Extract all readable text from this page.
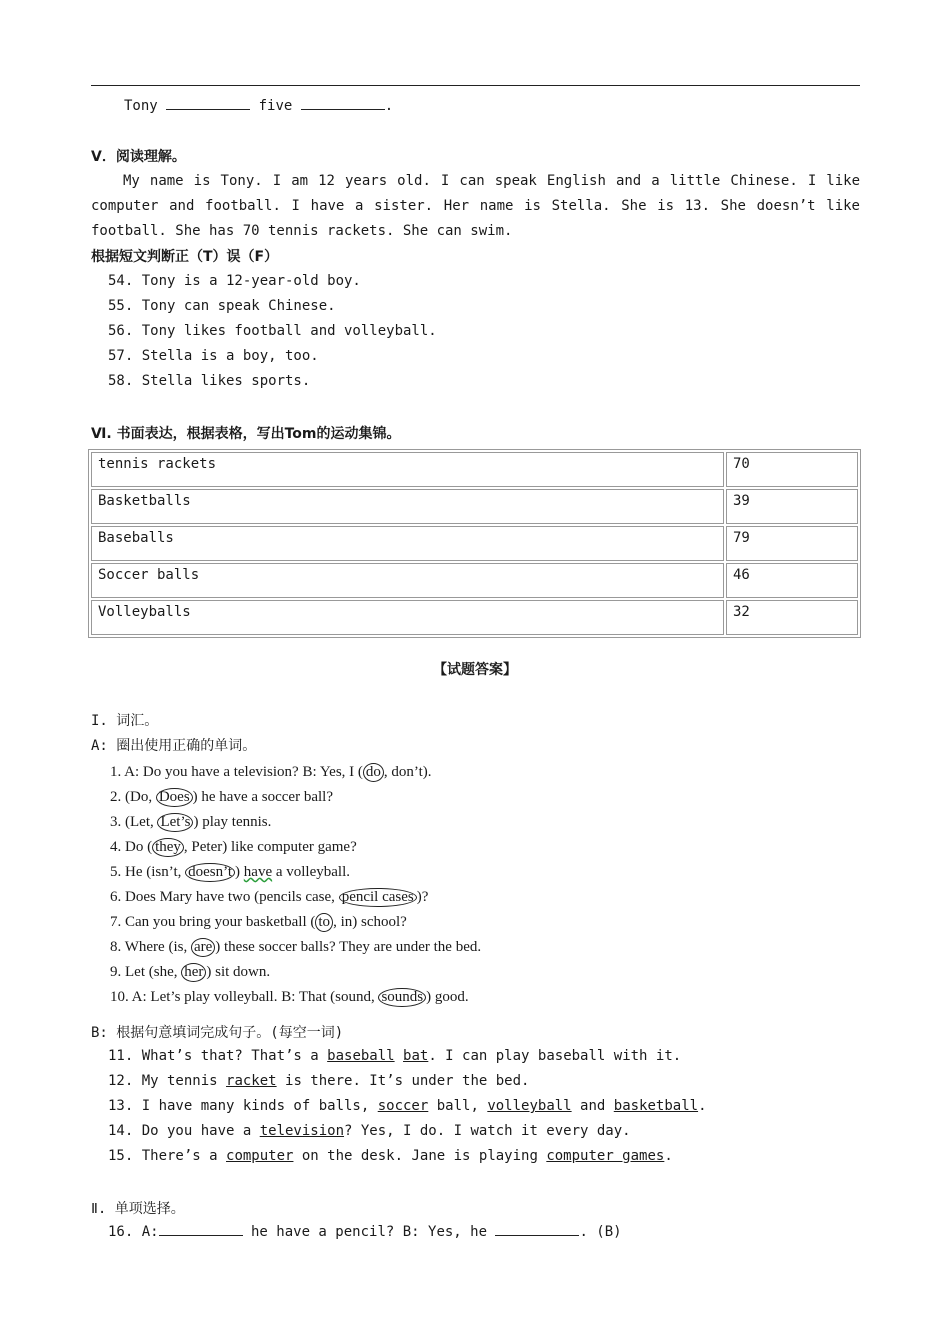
Tony	five	.
Ⅴ．阅读理解。
My name is Tony. I am 12 years old. I can speak English and a little Chinese. I like computer and football. I have a sister. Her name is Stella. She is 13. She doesn’t like football. She has 70 tennis rackets. She can swim.
根据短文判断正（T）误（F）
54. Tony is a 12-year-old boy.
55. Tony can speak Chinese.
56. Tony likes football and volleyball.
57. Stella is a boy, too.
58. Stella likes sports.
Ⅵ. 书面表达，根据表格，写出Tom的运动集锦。
tennis rackets	70
Basketballs	39
Baseballs	79
Soccer balls	46
Volleyballs	32
【试题答案】
I. 词汇。
A: 圈出使用正确的单词。
1. A: Do you have a television? B: Yes, I ( do , don’t).
2. (Do, Does ) he have a soccer ball?
3. (Let, Let’s ) play tennis.
4. Do ( they , Peter) like computer game?
5. He (isn’t, doesn’t ) have a volleyball.
6. Does Mary have two (pencils case, pencil cases )?
7. Can you bring your basketball ( to , in) school?
8. Where (is, are ) these soccer balls? They are under the bed.
9. Let (she, her ) sit down.
10. A: Let’s play volleyball. B: That (sound, sounds ) good.
B: 根据句意填词完成句子。(每空一词)
11. What’s that? That’s a baseball bat. I can play baseball with it.
12. My tennis racket is there. It’s under the bed.
13. I have many kinds of balls, soccer ball, volleyball and basketball.
14. Do you have a television? Yes, I do. I watch it every day.
15. There’s a computer on the desk. Jane is playing computer games.
Ⅱ. 单项选择。
16. A:	he have a pencil? B: Yes, he	. (B)
